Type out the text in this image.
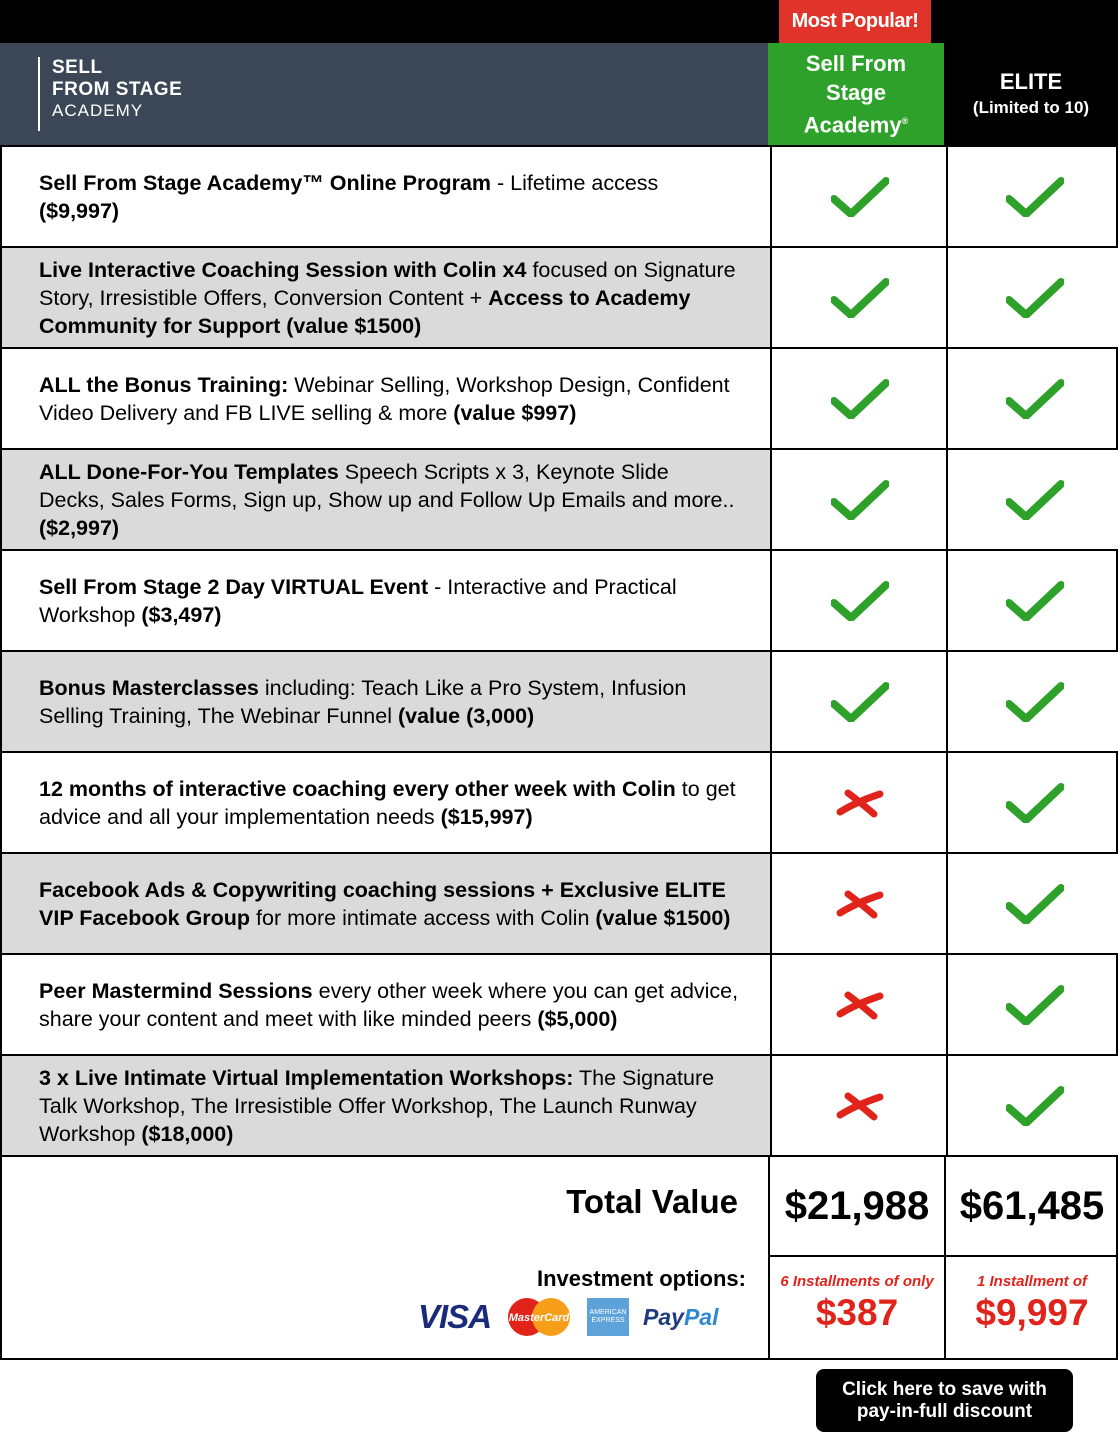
Most Popular!
SELL
FROM STAGE
ACADEMY
Sell From
Stage
Academy®
ELITE
(Limited to 10)
Sell From Stage Academy™ Online Program - Lifetime access ($9,997)
Live Interactive Coaching Session with Colin x4 focused on Signature Story, Irresistible Offers, Conversion Content + Access to Academy Community for Support (value $1500)
ALL the Bonus Training: Webinar Selling, Workshop Design, Confident Video Delivery and FB LIVE selling & more (value $997)
ALL Done-For-You Templates Speech Scripts x 3, Keynote Slide Decks, Sales Forms, Sign up, Show up and Follow Up Emails and more.. ($2,997)
Sell From Stage 2 Day VIRTUAL Event - Interactive and Practical Workshop ($3,497)
Bonus Masterclasses including: Teach Like a Pro System, Infusion Selling Training, The Webinar Funnel (value (3,000)
12 months of interactive coaching every other week with Colin to get advice and all your implementation needs ($15,997)
Facebook Ads & Copywriting coaching sessions + Exclusive ELITE VIP Facebook Group for more intimate access with Colin (value $1500)
Peer Mastermind Sessions every other week where you can get advice, share your content and meet with like minded peers ($5,000)
3 x Live Intimate Virtual Implementation Workshops: The Signature Talk Workshop, The Irresistible Offer Workshop, The Launch Runway Workshop ($18,000)
Total Value	$21,988 $61,485
6 Installments of only
$387
1 Installment of
$9,997
Investment options:
VISA MasterCard	AMERICAN
EXPRESS PayPal
Click here to save with
pay-in-full discount
